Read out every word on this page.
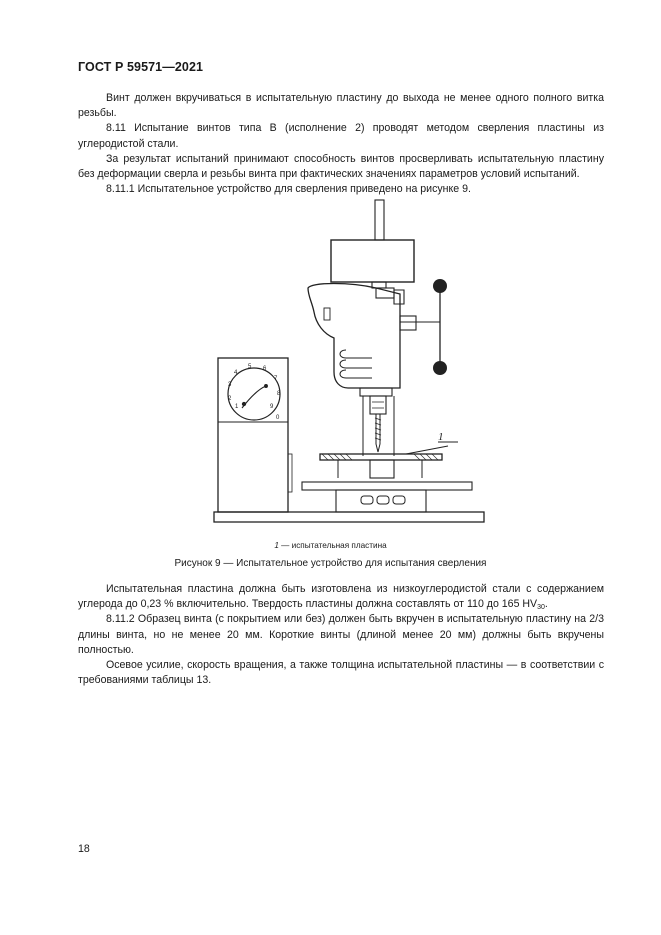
ГОСТ Р 59571—2021

Винт должен вкручиваться в испытательную пластину до выхода не менее одного полного витка резьбы.

8.11 Испытание винтов типа В (исполнение 2) проводят методом сверления пластины из углеродистой стали.

За результат испытаний принимают способность винтов просверливать испытательную пластину без деформации сверла и резьбы винта при фактических значениях параметров условий испытаний.

8.11.1 Испытательное устройство для сверления приведено на рисунке 9.

1
1
2
3
4
5 6
7
8
9
0
1 — испытательная пластина
Рисунок 9 — Испытательное устройство для испытания сверления

Испытательная пластина должна быть изготовлена из низкоуглеродистой стали с содержанием углерода до 0,23 % включительно. Твердость пластины должна составлять от 110 до 165 $HV_{30}$.

8.11.2 Образец винта (с покрытием или без) должен быть вкручен в испытательную пластину на 2/3 длины винта, но не менее 20 мм. Короткие винты (длиной менее 20 мм) должны быть вкручены полностью.

Осевое усилие, скорость вращения, а также толщина испытательной пластины — в соответствии с требованиями таблицы 13.

18
